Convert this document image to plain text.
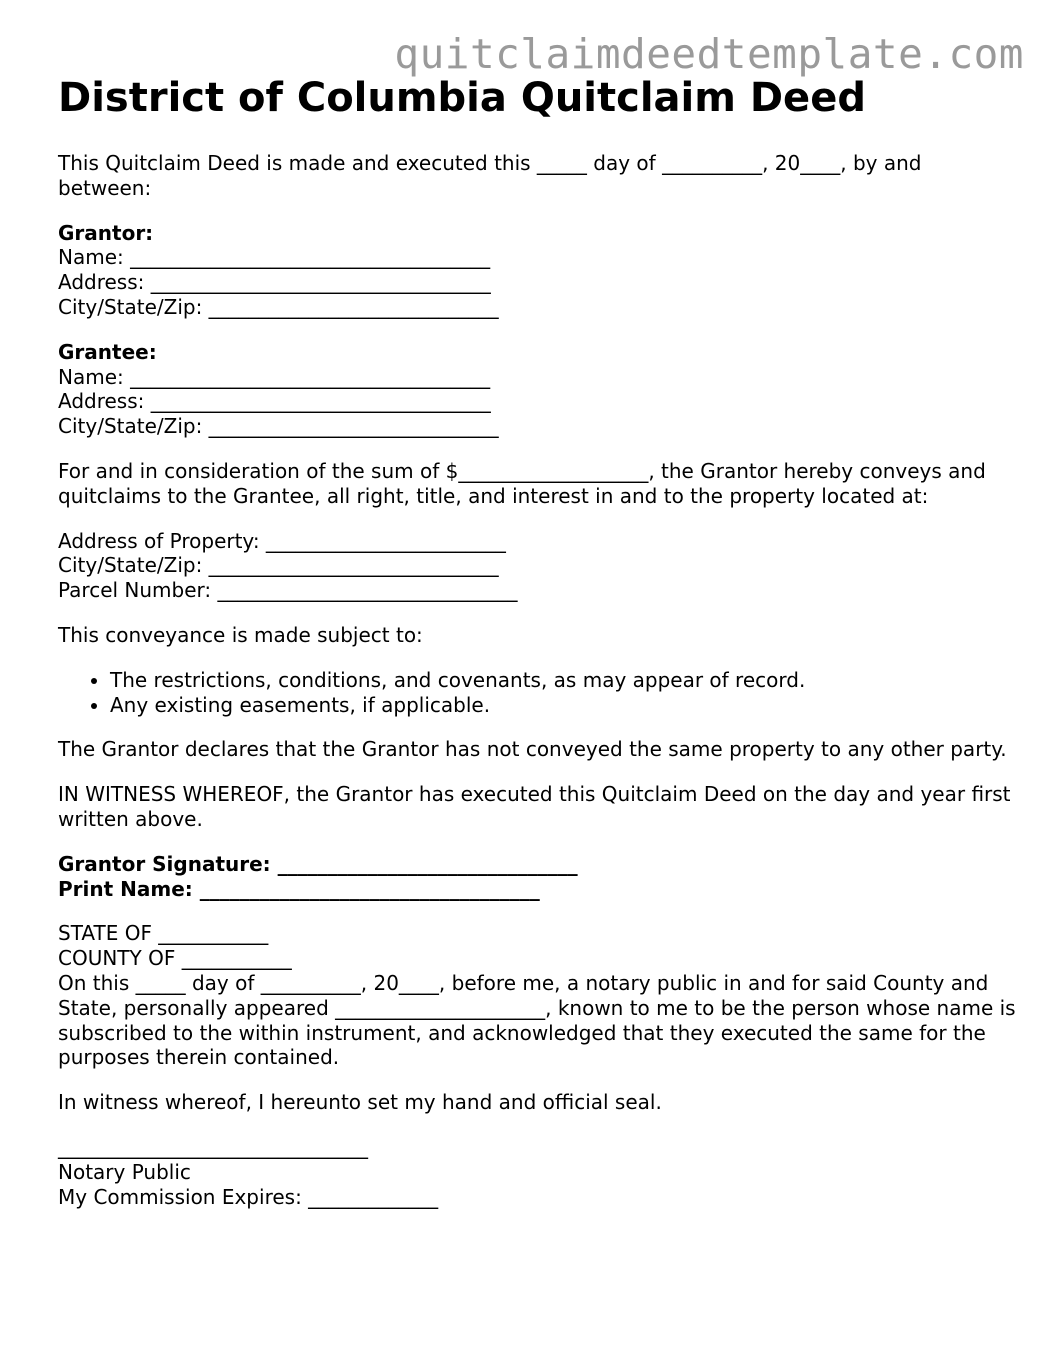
quitclaimdeedtemplate.com
District of Columbia Quitclaim Deed

This Quitclaim Deed is made and executed this _____ day of __________, 20____, by and between:

Grantor:
Name: ____________________________________
Address: __________________________________
City/State/Zip: _____________________________
Grantee:
Name: ____________________________________
Address: __________________________________
City/State/Zip: _____________________________

For and in consideration of the sum of $___________________, the Grantor hereby conveys and quitclaims to the Grantee, all right, title, and interest in and to the property located at:

Address of Property: ________________________
City/State/Zip: _____________________________
Parcel Number: ______________________________

This conveyance is made subject to:

• The restrictions, conditions, and covenants, as may appear of record.
• Any existing easements, if applicable.

The Grantor declares that the Grantor has not conveyed the same property to any other party.

IN WITNESS WHEREOF, the Grantor has executed this Quitclaim Deed on the day and year first written above.

Grantor Signature: ______________________________
Print Name: __________________________________
STATE OF ___________
COUNTY OF ___________
On this _____ day of __________, 20____, before me, a notary public in and for said County and State, personally appeared _____________________, known to me to be the person whose name is subscribed to the within instrument, and acknowledged that they executed the same for the purposes therein contained.

In witness whereof, I hereunto set my hand and official seal.

_______________________________
Notary Public
My Commission Expires: _____________
